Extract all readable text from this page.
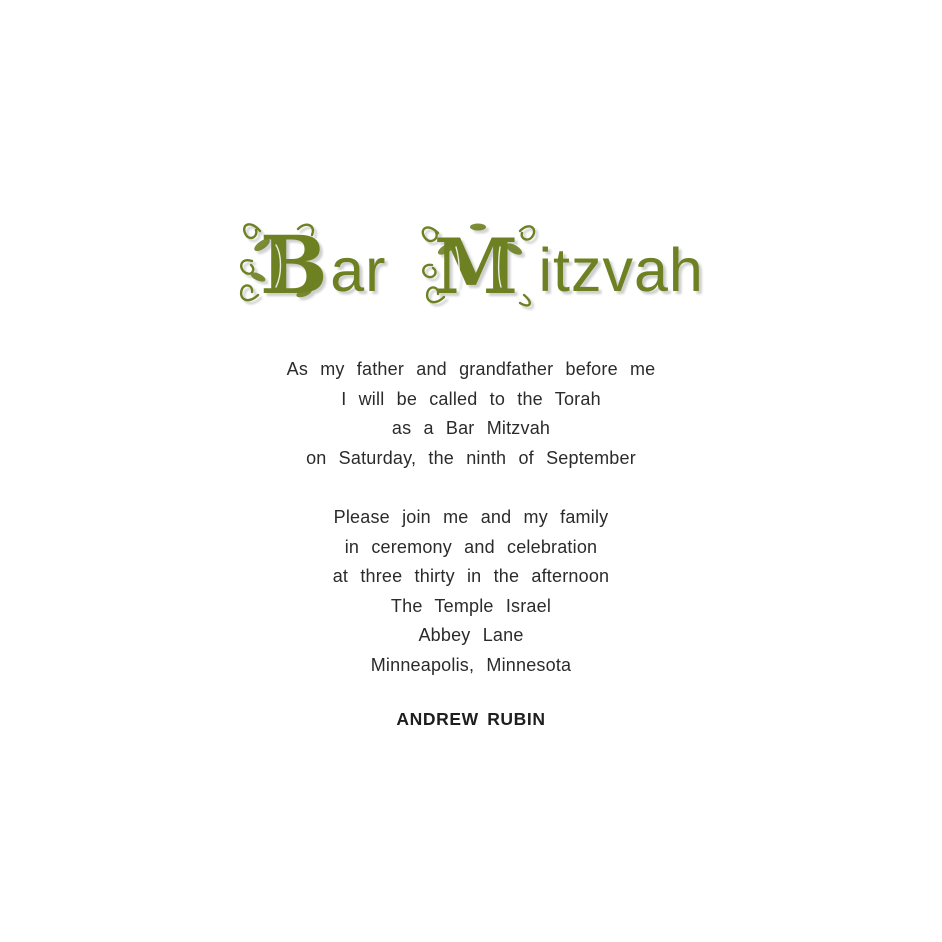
B ar M itzvah
As my father and grandfather before me
I will be called to the Torah
as a Bar Mitzvah
on Saturday, the ninth of September
Please join me and my family
in ceremony and celebration
at three thirty in the afternoon
The Temple Israel
Abbey Lane
Minneapolis, Minnesota
ANDREW RUBIN
